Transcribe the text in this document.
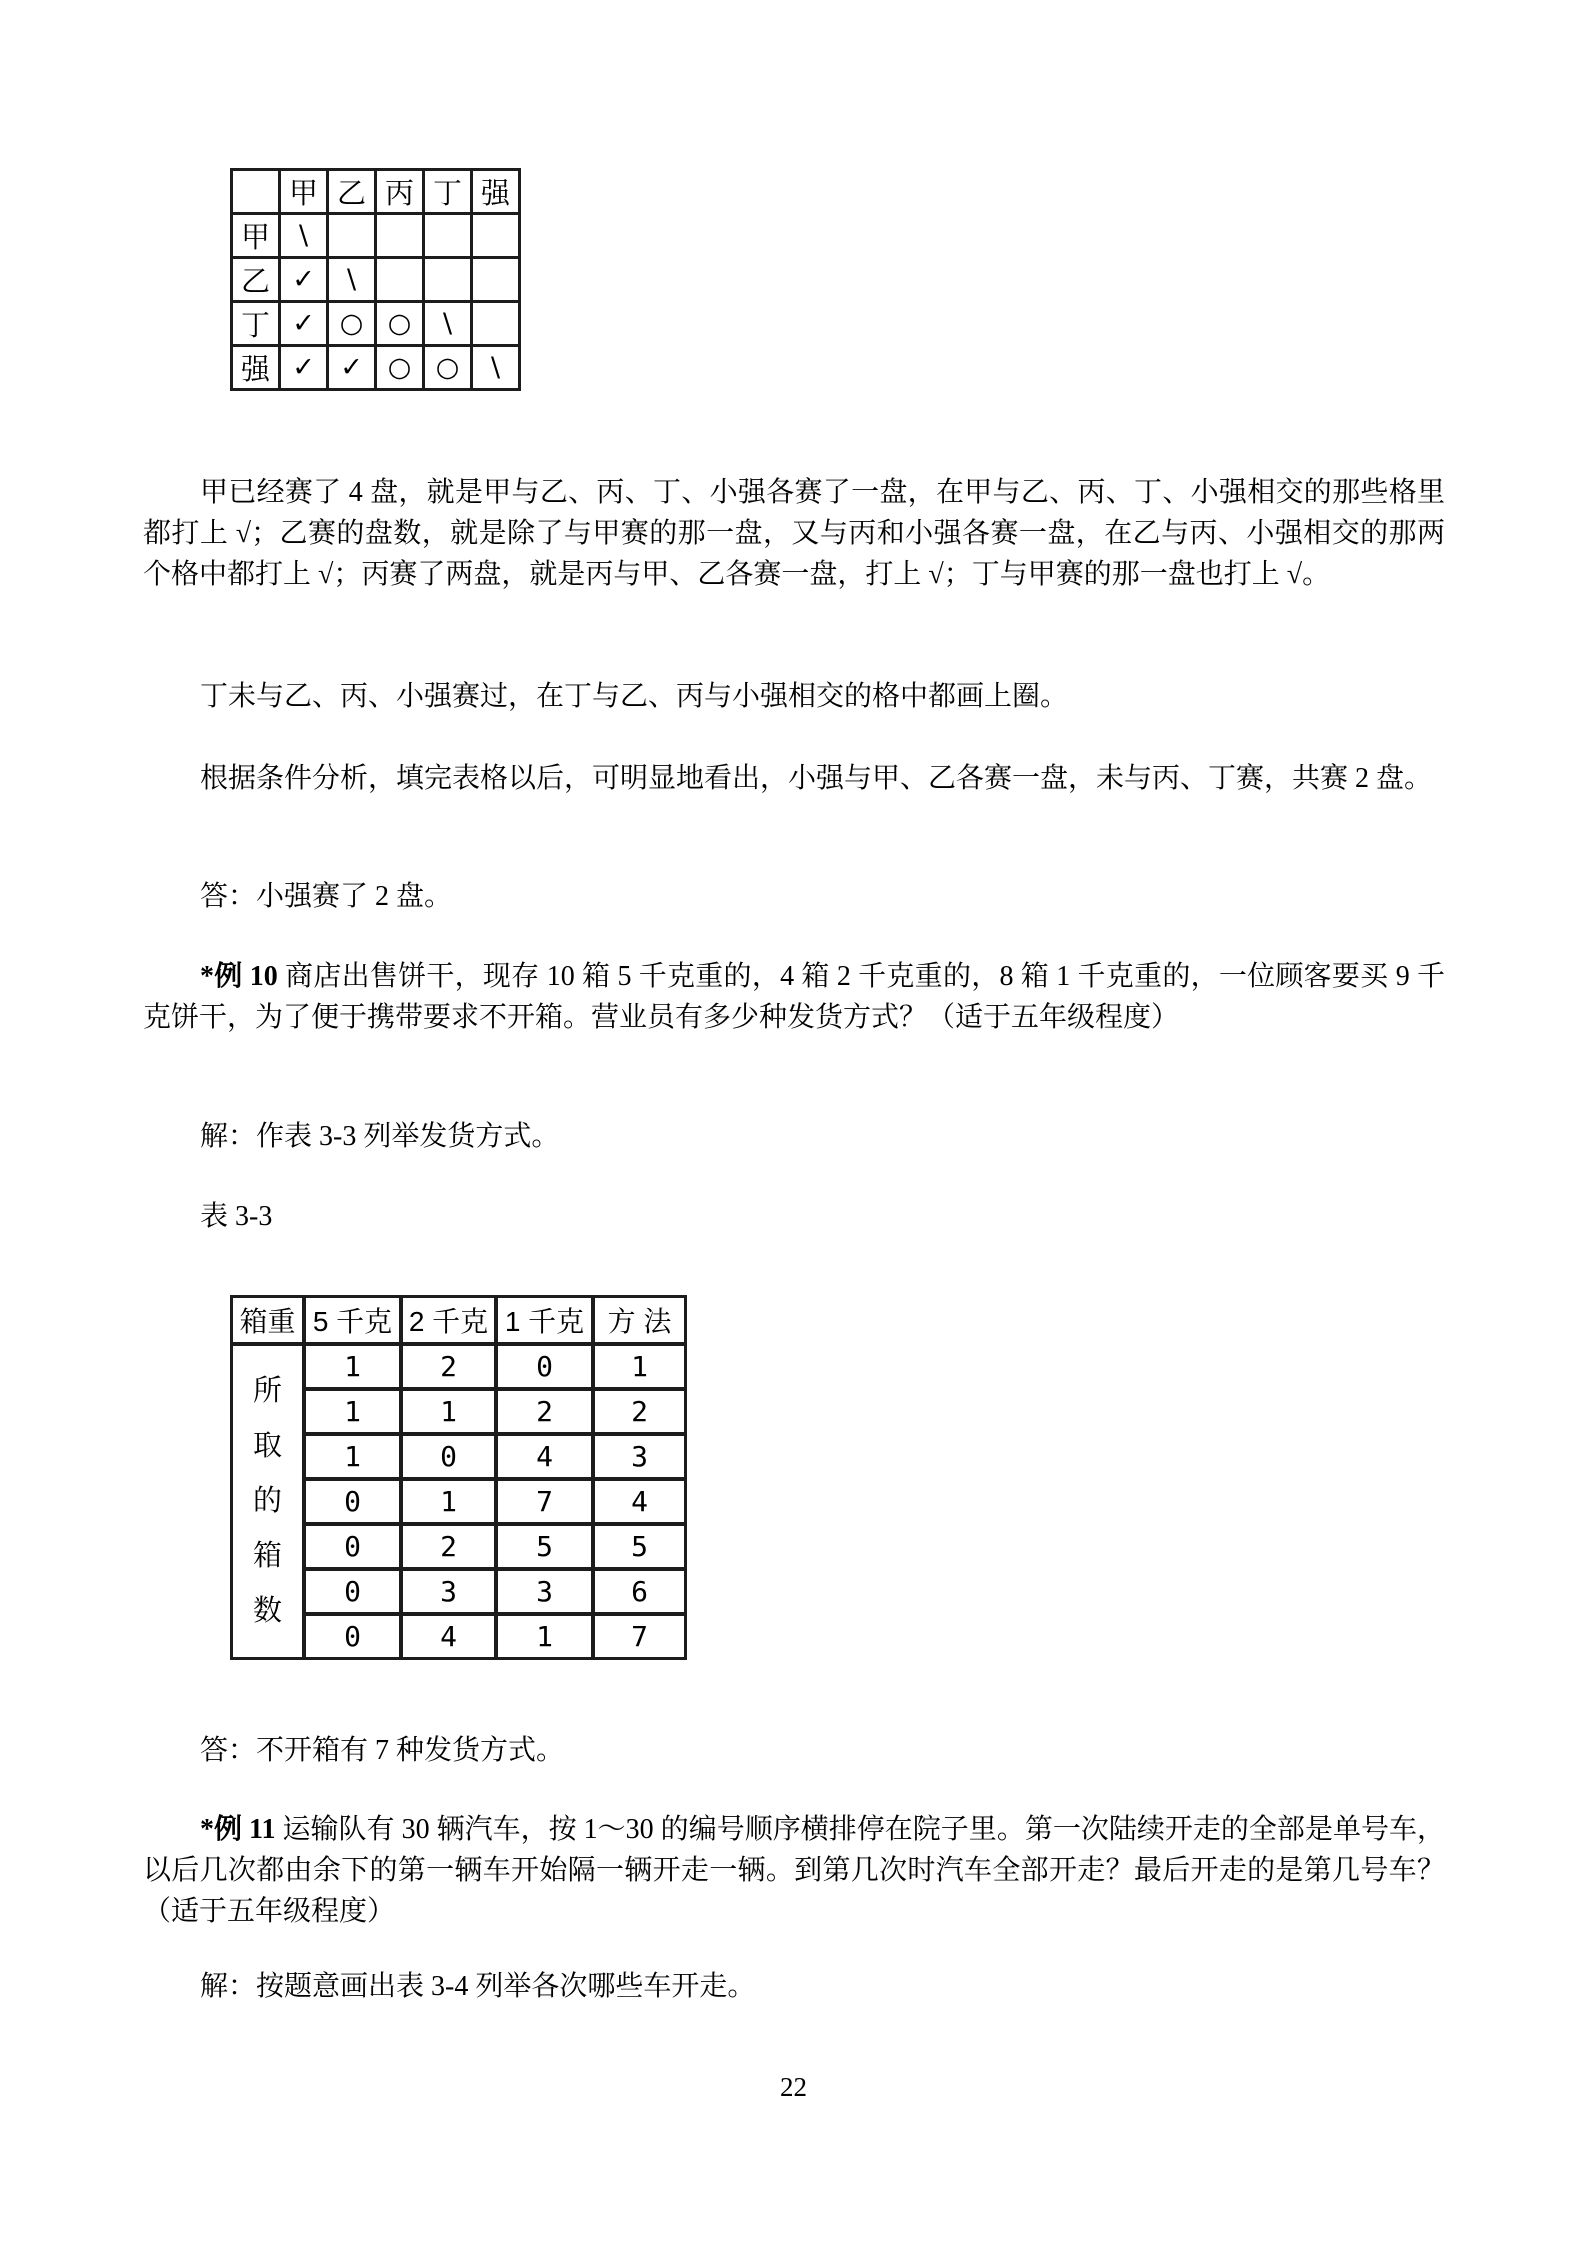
	甲	乙	丙	丁	强
甲	\				
乙	✓	\			
丁	✓	○	○	\	
强	✓	✓	○	○	\

甲已经赛了 4 盘，就是甲与乙、丙、丁、小强各赛了一盘，在甲与乙、丙、丁、小强相交的那些格里都打上 √；乙赛的盘数，就是除了与甲赛的那一盘，又与丙和小强各赛一盘，在乙与丙、小强相交的那两个格中都打上 √；丙赛了两盘，就是丙与甲、乙各赛一盘，打上 √；丁与甲赛的那一盘也打上 √。

丁未与乙、丙、小强赛过，在丁与乙、丙与小强相交的格中都画上圈。

根据条件分析，填完表格以后，可明显地看出，小强与甲、乙各赛一盘，未与丙、丁赛，共赛 2 盘。

答：小强赛了 2 盘。

*例 10 商店出售饼干，现存 10 箱 5 千克重的，4 箱 2 千克重的，8 箱 1 千克重的，一位顾客要买 9 千克饼干，为了便于携带要求不开箱。营业员有多少种发货方式？（适于五年级程度）

解：作表 3-3 列举发货方式。

表 3-3

箱重	5 千克	2 千克	1 千克	方 法
所
取
的
箱
数	1	2	0	1
	1	1	2	2
	1	0	4	3
	0	1	7	4
	0	2	5	5
	0	3	3	6
	0	4	1	7

答：不开箱有 7 种发货方式。

*例 11 运输队有 30 辆汽车，按 1～30 的编号顺序横排停在院子里。第一次陆续开走的全部是单号车，以后几次都由余下的第一辆车开始隔一辆开走一辆。到第几次时汽车全部开走？最后开走的是第几号车？（适于五年级程度）

解：按题意画出表 3-4 列举各次哪些车开走。

22
